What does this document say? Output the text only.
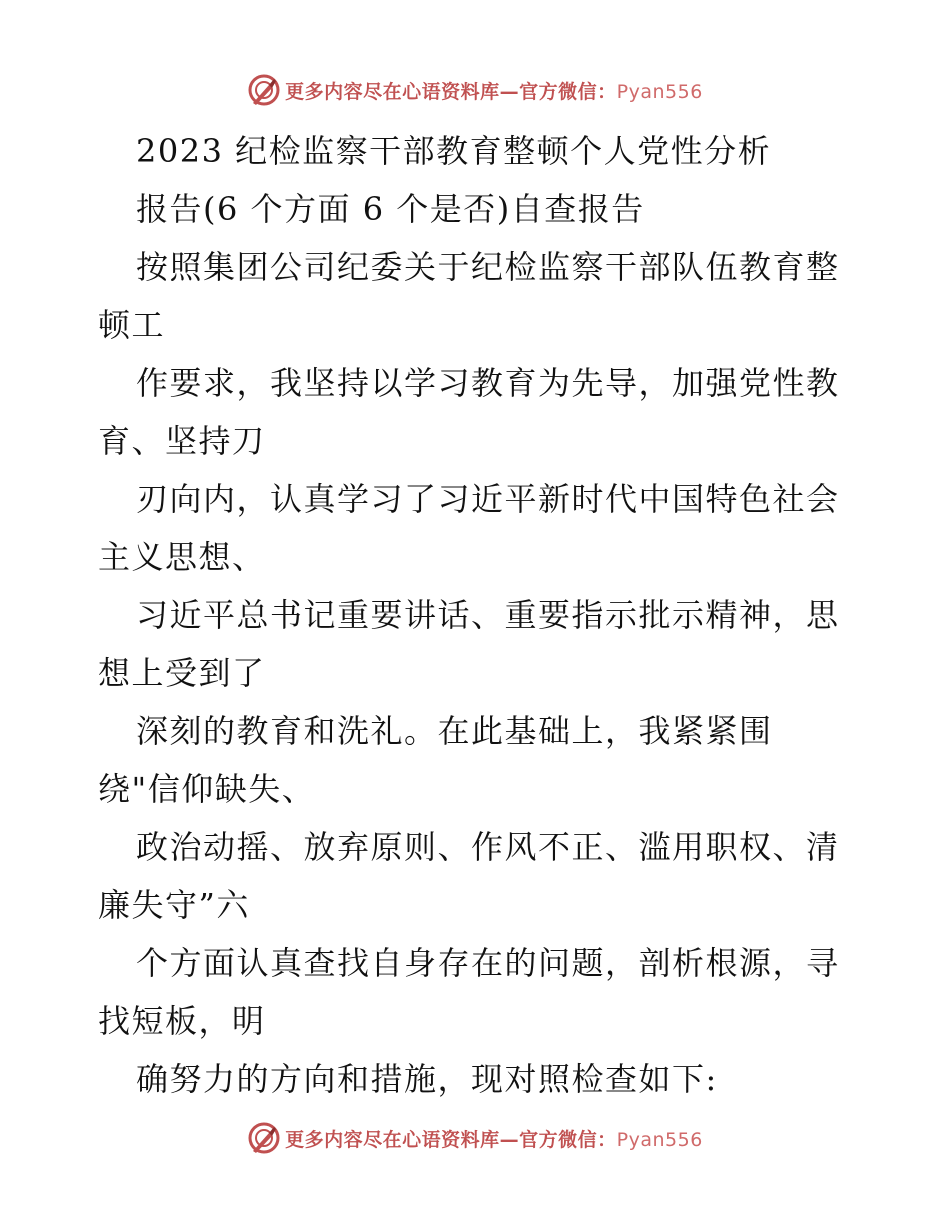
更多内容尽在心语资料库—官方微信：Pyan556
2023 纪检监察干部教育整顿个人党性分析
报告(6 个方面 6 个是否)自查报告
按照集团公司纪委关于纪检监察干部队伍教育整
顿工
作要求，我坚持以学习教育为先导，加强党性教
育、坚持刀
刃向内，认真学习了习近平新时代中国特色社会
主义思想、
习近平总书记重要讲话、重要指示批示精神，思
想上受到了
深刻的教育和洗礼。在此基础上，我紧紧围
绕"信仰缺失、
政治动摇、放弃原则、作风不正、滥用职权、清
廉失守”六
个方面认真查找自身存在的问题，剖析根源，寻
找短板，明
确努力的方向和措施，现对照检查如下:
更多内容尽在心语资料库—官方微信：Pyan556
